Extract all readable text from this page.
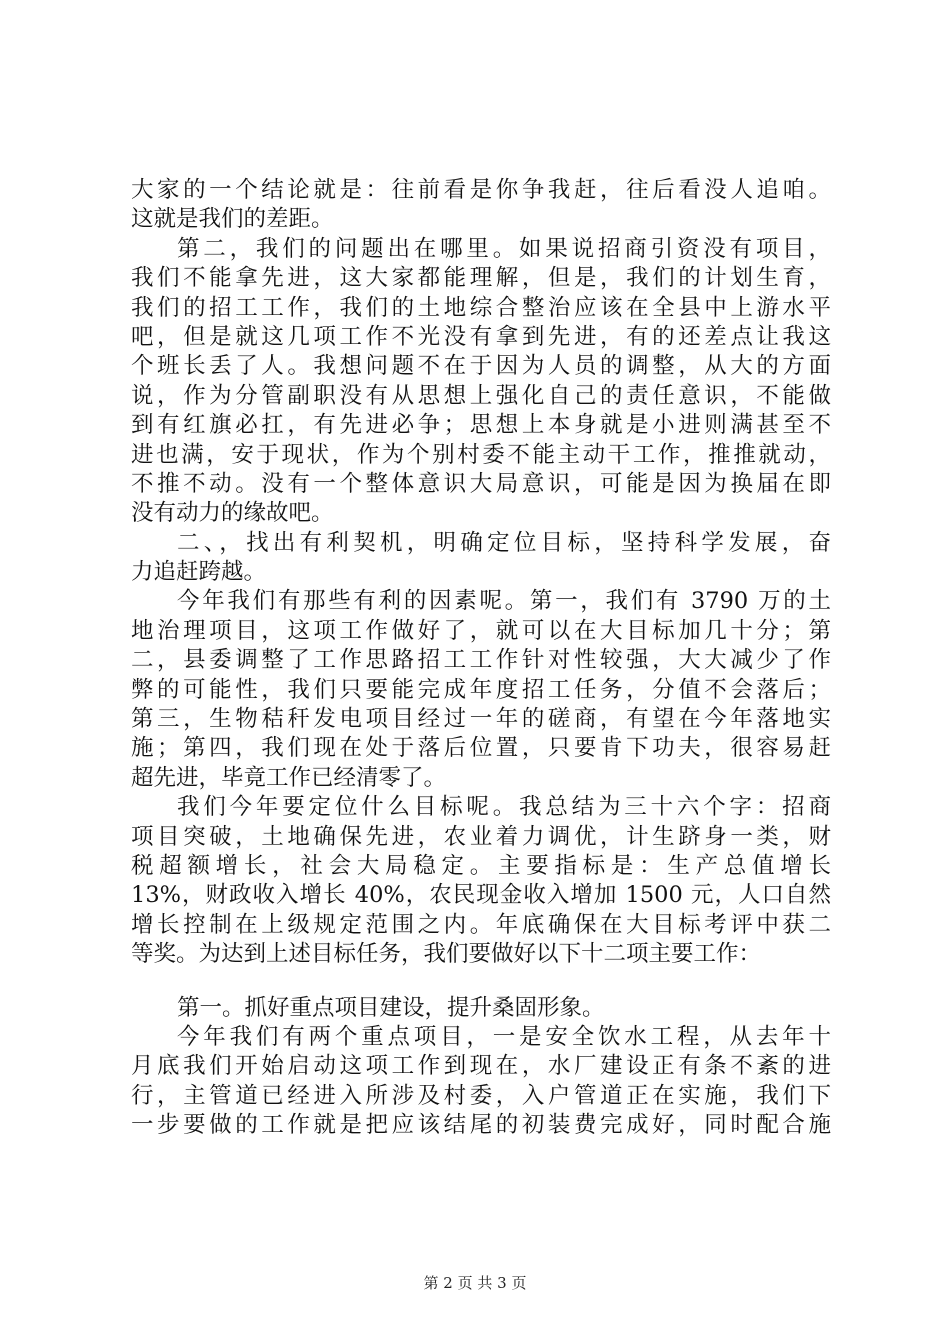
大家的一个结论就是：往前看是你争我赶，往后看没人追咱。
这就是我们的差距。
第二，我们的问题出在哪里。如果说招商引资没有项目，
我们不能拿先进，这大家都能理解，但是，我们的计划生育，
我们的招工工作，我们的土地综合整治应该在全县中上游水平
吧，但是就这几项工作不光没有拿到先进，有的还差点让我这
个班长丢了人。我想问题不在于因为人员的调整，从大的方面
说，作为分管副职没有从思想上强化自己的责任意识，不能做
到有红旗必扛，有先进必争；思想上本身就是小进则满甚至不
进也满，安于现状，作为个别村委不能主动干工作，推推就动，
不推不动。没有一个整体意识大局意识，可能是因为换届在即
没有动力的缘故吧。
二、，找出有利契机，明确定位目标，坚持科学发展，奋
力追赶跨越。
今年我们有那些有利的因素呢。第一，我们有 3790 万的土
地治理项目，这项工作做好了，就可以在大目标加几十分；第
二，县委调整了工作思路招工工作针对性较强，大大减少了作
弊的可能性，我们只要能完成年度招工任务，分值不会落后；
第三，生物秸秆发电项目经过一年的磋商，有望在今年落地实
施；第四，我们现在处于落后位置，只要肯下功夫，很容易赶
超先进，毕竟工作已经清零了。
我们今年要定位什么目标呢。我总结为三十六个字：招商
项目突破，土地确保先进，农业着力调优，计生跻身一类，财
税超额增长，社会大局稳定。主要指标是：生产总值增长
13%，财政收入增长 40%，农民现金收入增加 1500 元，人口自然
增长控制在上级规定范围之内。年底确保在大目标考评中获二
等奖。为达到上述目标任务，我们要做好以下十二项主要工作：
第一。抓好重点项目建设，提升桑固形象。
今年我们有两个重点项目，一是安全饮水工程，从去年十
月底我们开始启动这项工作到现在，水厂建设正有条不紊的进
行，主管道已经进入所涉及村委，入户管道正在实施，我们下
一步要做的工作就是把应该结尾的初装费完成好，同时配合施
第 2 页 共 3 页
